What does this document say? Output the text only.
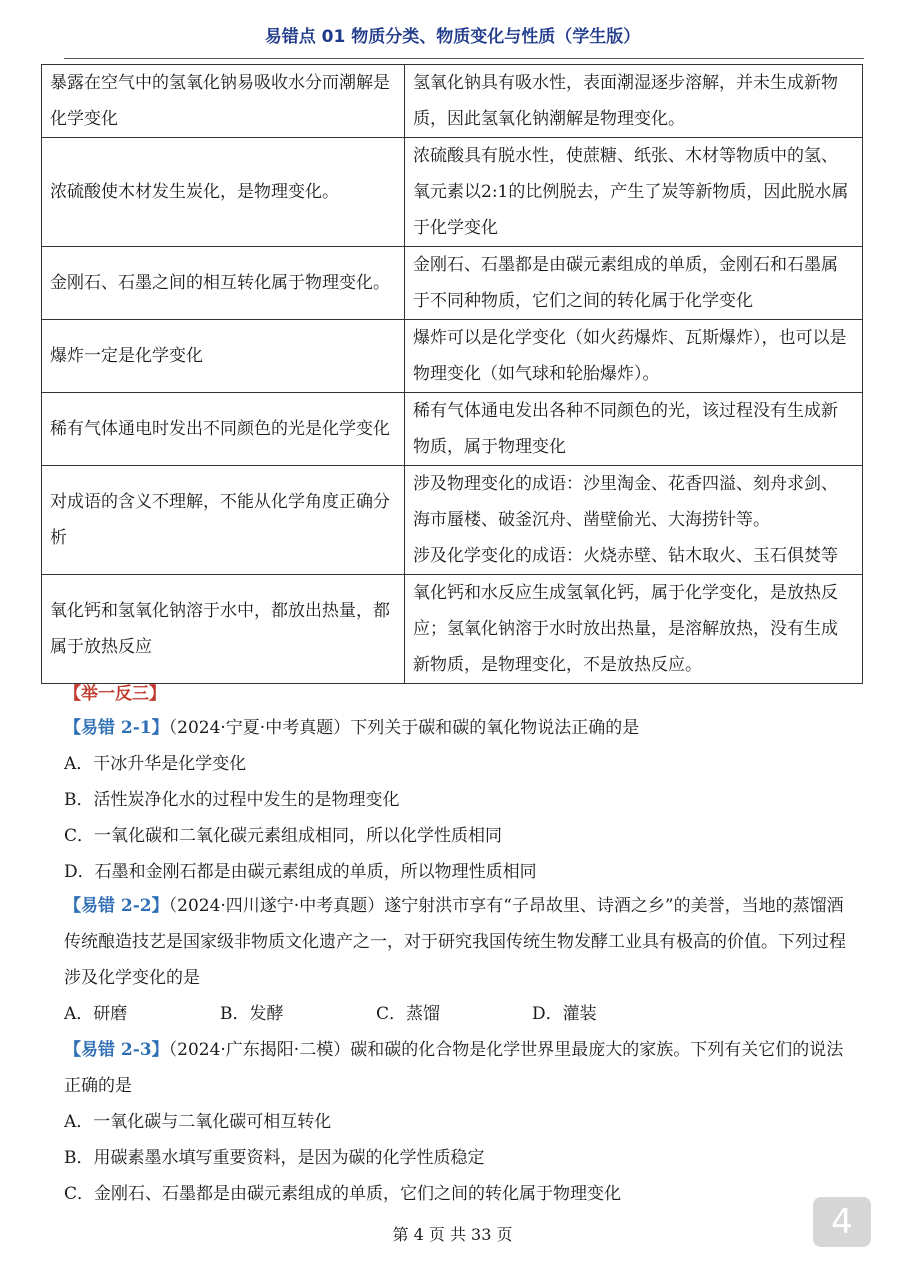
易错点 01 物质分类、物质变化与性质（学生版）
暴露在空气中的氢氧化钠易吸收水分而潮解是化学变化	氢氧化钠具有吸水性，表面潮湿逐步溶解，并未生成新物质，因此氢氧化钠潮解是物理变化。

浓硫酸使木材发生炭化，是物理变化。	浓硫酸具有脱水性，使蔗糖、纸张、木材等物质中的氢、氧元素以2:1的比例脱去，产生了炭等新物质，因此脱水属于化学变化

金刚石、石墨之间的相互转化属于物理变化。	金刚石、石墨都是由碳元素组成的单质，金刚石和石墨属于不同种物质，它们之间的转化属于化学变化

爆炸一定是化学变化	爆炸可以是化学变化（如火药爆炸、瓦斯爆炸），也可以是物理变化（如气球和轮胎爆炸）。

稀有气体通电时发出不同颜色的光是化学变化	稀有气体通电发出各种不同颜色的光，该过程没有生成新物质，属于物理变化

对成语的含义不理解，不能从化学角度正确分析	涉及物理变化的成语：沙里淘金、花香四溢、刻舟求剑、海市蜃楼、破釜沉舟、凿壁偷光、大海捞针等。
涉及化学变化的成语：火烧赤壁、钻木取火、玉石俱焚等

氧化钙和氢氧化钠溶于水中，都放出热量，都属于放热反应	氧化钙和水反应生成氢氧化钙，属于化学变化，是放热反应；氢氧化钠溶于水时放出热量，是溶解放热，没有生成新物质，是物理变化，不是放热反应。
【举一反三】
【易错 2-1】（2024·宁夏·中考真题）下列关于碳和碳的氧化物说法正确的是
A．干冰升华是化学变化
B．活性炭净化水的过程中发生的是物理变化
C．一氧化碳和二氧化碳元素组成相同，所以化学性质相同
D．石墨和金刚石都是由碳元素组成的单质，所以物理性质相同
【易错 2-2】（2024·四川遂宁·中考真题）遂宁射洪市享有“子昂故里、诗酒之乡”的美誉，当地的蒸馏酒传统酿造技艺是国家级非物质文化遗产之一，对于研究我国传统生物发酵工业具有极高的价值。下列过程涉及化学变化的是
A．研磨	B．发酵	C．蒸馏	D．灌装
【易错 2-3】（2024·广东揭阳·二模）碳和碳的化合物是化学世界里最庞大的家族。下列有关它们的说法正确的是
A．一氧化碳与二氧化碳可相互转化
B．用碳素墨水填写重要资料，是因为碳的化学性质稳定
C．金刚石、石墨都是由碳元素组成的单质，它们之间的转化属于物理变化
第 4 页 共 33 页	4
